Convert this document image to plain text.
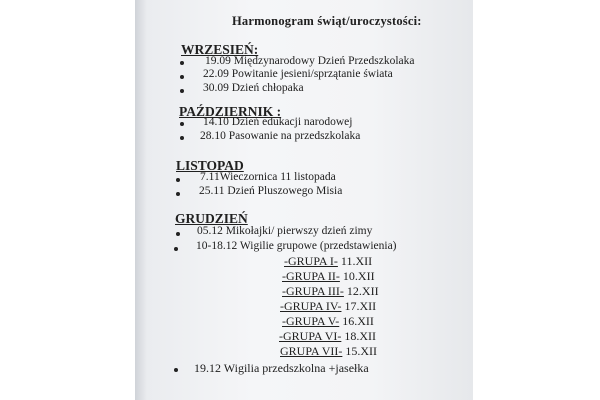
Harmonogram świąt/uroczystości:
WRZESIEŃ:
19.09 Międzynarodowy Dzień Przedszkolaka
22.09 Powitanie jesieni/sprzątanie świata
30.09 Dzień chłopaka
PAŹDZIERNIK :
14.10 Dzień edukacji narodowej
28.10 Pasowanie na przedszkolaka
LISTOPAD
7.11Wieczornica 11 listopada
25.11 Dzień Pluszowego Misia
GRUDZIEŃ
05.12 Mikołajki/ pierwszy dzień zimy
10-18.12 Wigilie grupowe (przedstawienia)
-GRUPA I- 11.XII
-GRUPA II- 10.XII
-GRUPA III- 12.XII
-GRUPA IV- 17.XII
-GRUPA V- 16.XII
-GRUPA VI- 18.XII
GRUPA VII- 15.XII
19.12 Wigilia przedszkolna +jasełka
